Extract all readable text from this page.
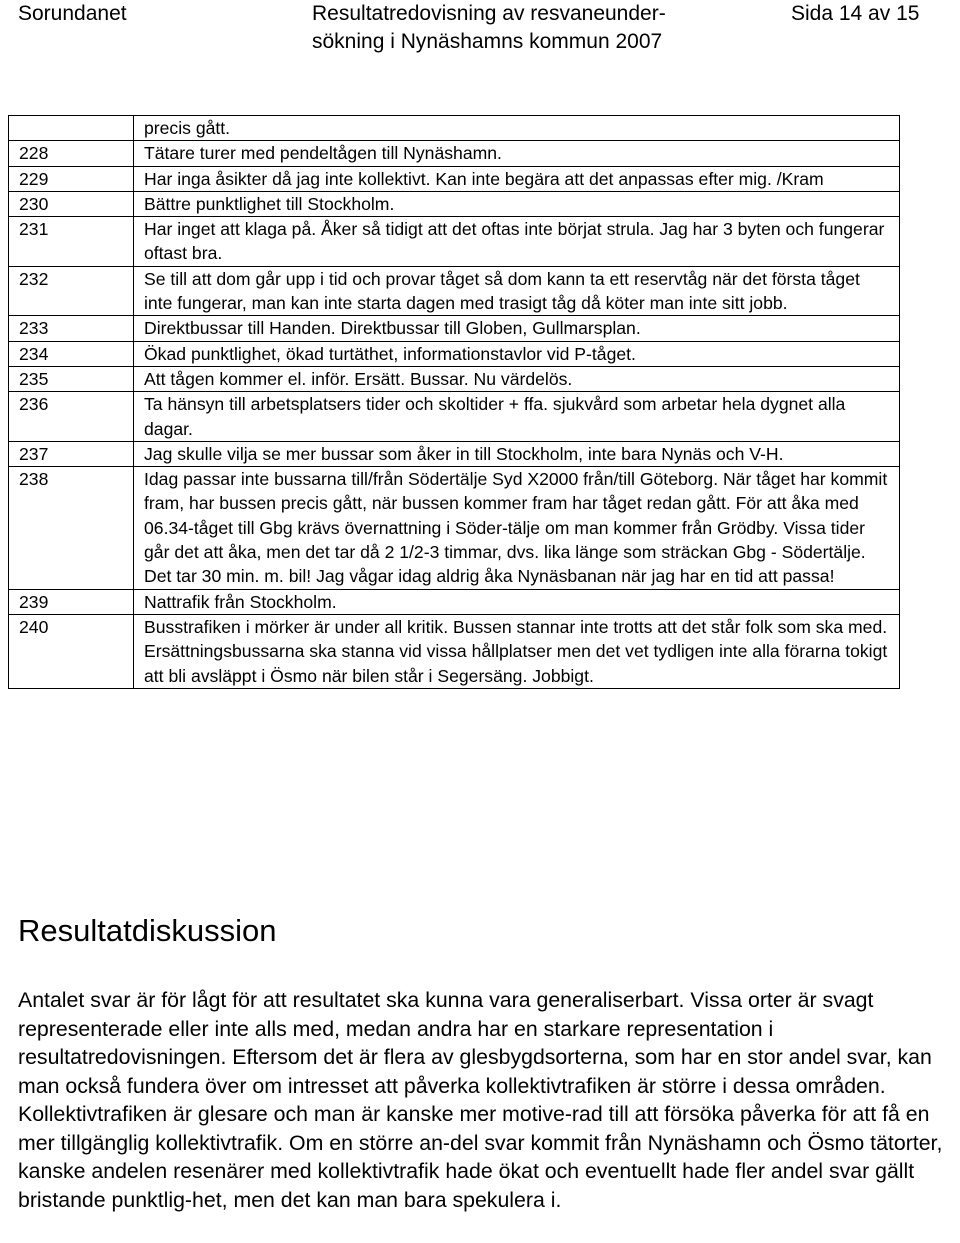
Sorundanet	Resultatredovisning av resvaneunder-
sökning i Nynäshamns kommun 2007
Sida 14 av 15
	precis gått.
228	Tätare turer med pendeltågen till Nynäshamn.
229	Har inga åsikter då jag inte kollektivt. Kan inte begära att det anpassas efter mig. /Kram
230	Bättre punktlighet till Stockholm.
231	Har inget att klaga på. Åker så tidigt att det oftas inte börjat strula. Jag har 3 byten och fungerar oftast bra.
232	Se till att dom går upp i tid och provar tåget så dom kann ta ett reservtåg när det första tåget inte fungerar, man kan inte starta dagen med trasigt tåg då köter man inte sitt jobb.
233	Direktbussar till Handen. Direktbussar till Globen, Gullmarsplan.
234	Ökad punktlighet, ökad turtäthet, informationstavlor vid P-tåget.
235	Att tågen kommer el. inför. Ersätt. Bussar. Nu värdelös.
236	Ta hänsyn till arbetsplatsers tider och skoltider + ffa. sjukvård som arbetar hela dygnet alla dagar.
237	Jag skulle vilja se mer bussar som åker in till Stockholm, inte bara Nynäs och V-H.
238	Idag passar inte bussarna till/från Södertälje Syd X2000 från/till Göteborg. När tåget har kommit fram, har bussen precis gått, när bussen kommer fram har tåget redan gått. För att åka med 06.34-tåget till Gbg krävs övernattning i Söder-tälje om man kommer från Grödby. Vissa tider går det att åka, men det tar då 2 1/2-3 timmar, dvs. lika länge som sträckan Gbg - Södertälje. Det tar 30 min. m. bil! Jag vågar idag aldrig åka Nynäsbanan när jag har en tid att passa!
239	Nattrafik från Stockholm.
240	Busstrafiken i mörker är under all kritik. Bussen stannar inte trotts att det står folk som ska med. Ersättningsbussarna ska stanna vid vissa hållplatser men det vet tydligen inte alla förarna tokigt att bli avsläppt i Ösmo när bilen står i Segersäng. Jobbigt.
Resultatdiskussion
Antalet svar är för lågt för att resultatet ska kunna vara generaliserbart. Vissa orter är svagt representerade eller inte alls med, medan andra har en starkare representation i resultatredovisningen. Eftersom det är flera av glesbygdsorterna, som har en stor andel svar, kan man också fundera över om intresset att påverka kollektivtrafiken är större i dessa områden. Kollektivtrafiken är glesare och man är kanske mer motive-rad till att försöka påverka för att få en mer tillgänglig kollektivtrafik. Om en större an-del svar kommit från Nynäshamn och Ösmo tätorter, kanske andelen resenärer med kollektivtrafik hade ökat och eventuellt hade fler andel svar gällt bristande punktlig-het, men det kan man bara spekulera i.
